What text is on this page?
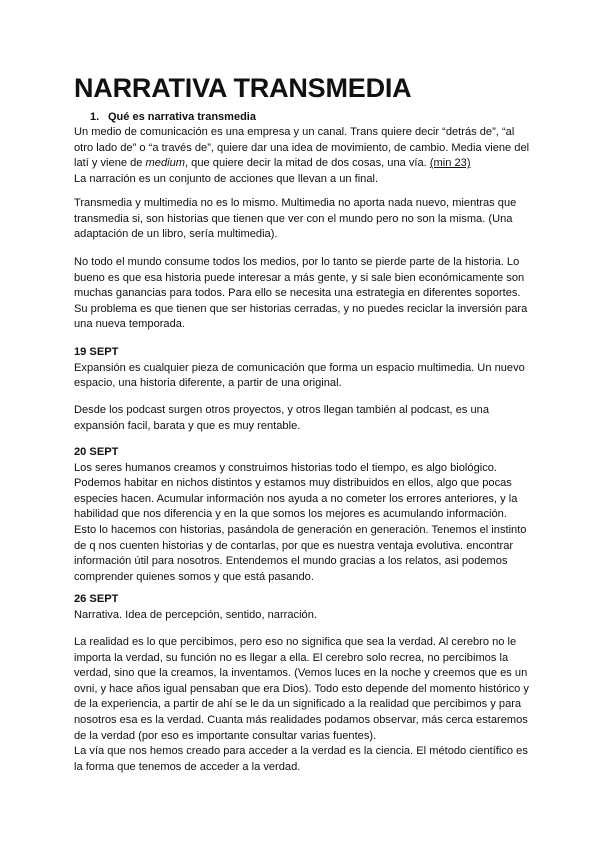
NARRATIVA TRANSMEDIA

1. Qué es narrativa transmedia

Un medio de comunicación es una empresa y un canal. Trans quiere decir “detrás de”, “al
otro lado de” o “a través de”, quiere dar una idea de movimiento, de cambio. Media viene del
latí y viene de medium, que quiere decir la mitad de dos cosas, una vía. (min 23)
La narración es un conjunto de acciones que llevan a un final.
Transmedia y multimedia no es lo mismo. Multimedia no aporta nada nuevo, mientras que
transmedia si, son historias que tienen que ver con el mundo pero no son la misma. (Una
adaptación de un libro, sería multimedia).
No todo el mundo consume todos los medios, por lo tanto se pierde parte de la historia. Lo
bueno es que esa historia puede interesar a más gente, y si sale bien económicamente son
muchas ganancias para todos. Para ello se necesita una estrategia en diferentes soportes.
Su problema es que tienen que ser historias cerradas, y no puedes reciclar la inversión para
una nueva temporada.
19 SEPT
Expansión es cualquier pieza de comunicación que forma un espacio multimedia. Un nuevo
espacio, una historia diferente, a partir de una original.
Desde los podcast surgen otros proyectos, y otros llegan también al podcast, es una
expansión facil, barata y que es muy rentable.
20 SEPT
Los seres humanos creamos y construimos historias todo el tiempo, es algo biológico.
Podemos habitar en nichos distintos y estamos muy distribuidos en ellos, algo que pocas
especies hacen. Acumular información nos ayuda a no cometer los errores anteriores, y la
habilidad que nos diferencia y en la que somos los mejores es acumulando información.
Esto lo hacemos con historias, pasándola de generación en generación. Tenemos el instinto
de q nos cuenten historias y de contarlas, por que es nuestra ventaja evolutiva. encontrar
información útil para nosotros. Entendemos el mundo gracias a los relatos, asi podemos
comprender quienes somos y que está pasando.
26 SEPT
Narrativa. Idea de percepción, sentido, narración.
La realidad es lo que percibimos, pero eso no significa que sea la verdad. Al cerebro no le
importa la verdad, su función no es llegar a ella. El cerebro solo recrea, no percibimos la
verdad, sino que la creamos, la inventamos. (Vemos luces en la noche y creemos que es un
ovni, y hace años igual pensaban que era Dios). Todo esto depende del momento histórico y
de la experiencia, a partir de ahí se le da un significado a la realidad que percibimos y para
nosotros esa es la verdad. Cuanta más realidades podamos observar, más cerca estaremos
de la verdad (por eso es importante consultar varias fuentes).
La vía que nos hemos creado para acceder a la verdad es la ciencia. El método científico es
la forma que tenemos de acceder a la verdad.
